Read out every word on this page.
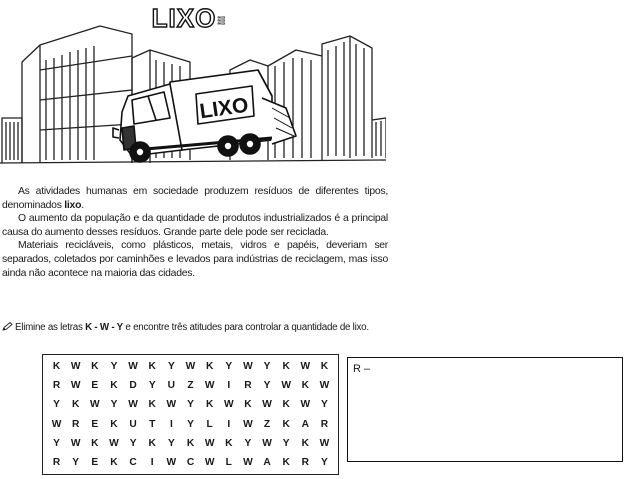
LIXO
LIXO !!!

As atividades humanas em sociedade produzem resíduos de diferentes tipos, denominados lixo.

O aumento da população e da quantidade de produtos industrializados é a principal causa do aumento desses resíduos. Grande parte dele pode ser reciclada.

Materiais recicláveis, como plásticos, metais, vidros e papéis, deveriam ser separados, coletados por caminhões e levados para indústrias de reciclagem, mas isso ainda não acontece na maioria das cidades.

Elimine as letras K - W - Y e encontre três atitudes para controlar a quantidade de lixo.
K	W	K	Y	W	K	Y	W	K	Y	W	Y	K	W	K
R	W	E	K	D	Y	U	Z	W	I	R	Y	W	K	W
Y	K	W	Y	W	K	W	Y	K	W	K	W	K	W	Y
W	R	E	K	U	T	I	Y	L	I	W	Z	K	A	R
Y	W	K	W	Y	K	Y	K	W	K	Y	W	Y	K	W
R	Y	E	K	C	I	W	C	W	L	W	A	K	R	Y
R –
